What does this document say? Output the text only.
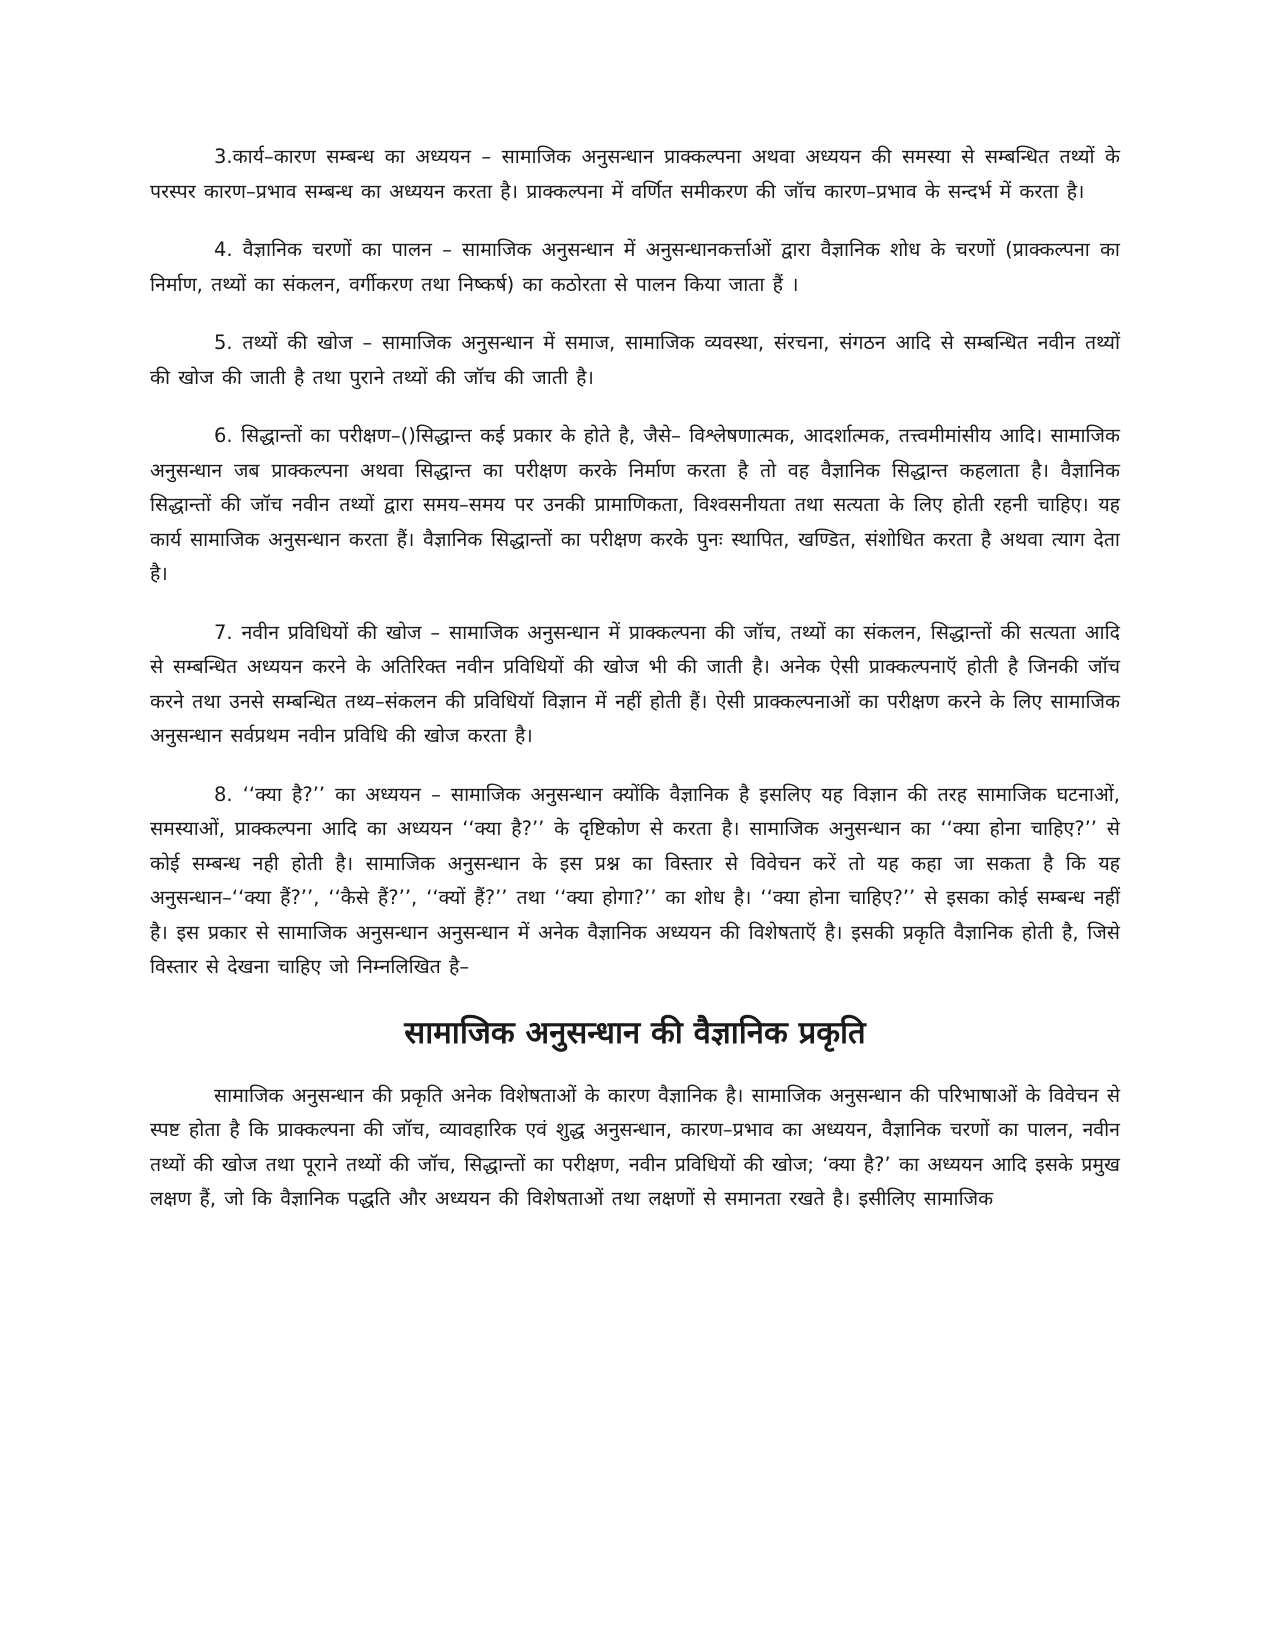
3.कार्य–कारण सम्बन्ध का अध्ययन – सामाजिक अनुसन्धान प्राक्कल्पना अथवा अध्ययन की समस्या से सम्बन्धित तथ्यों के परस्पर कारण–प्रभाव सम्बन्ध का अध्ययन करता है। प्राक्कल्पना में वर्णित समीकरण की जॉच कारण–प्रभाव के सन्दर्भ में करता है।

4. वैज्ञानिक चरणों का पालन – सामाजिक अनुसन्धान में अनुसन्धानकर्त्ताओं द्वारा वैज्ञानिक शोध के चरणों (प्राक्कल्पना का निर्माण, तथ्यों का संकलन, वर्गीकरण तथा निष्कर्ष) का कठोरता से पालन किया जाता हैं ।

5. तथ्यों की खोज – सामाजिक अनुसन्धान में समाज, सामाजिक व्यवस्था, संरचना, संगठन आदि से सम्बन्धित नवीन तथ्यों की खोज की जाती है तथा पुराने तथ्यों की जॉच की जाती है।

6. सिद्धान्तों का परीक्षण–()सिद्धान्त कई प्रकार के होते है, जैसे– विश्लेषणात्मक, आदर्शात्मक, तत्त्वमीमांसीय आदि। सामाजिक अनुसन्धान जब प्राक्कल्पना अथवा सिद्धान्त का परीक्षण करके निर्माण करता है तो वह वैज्ञानिक सिद्धान्त कहलाता है। वैज्ञानिक सिद्धान्तों की जॉच नवीन तथ्यों द्वारा समय–समय पर उनकी प्रामाणिकता, विश्वसनीयता तथा सत्यता के लिए होती रहनी चाहिए। यह कार्य सामाजिक अनुसन्धान करता हैं। वैज्ञानिक सिद्धान्तों का परीक्षण करके पुनः स्थापित, खण्डित, संशोधित करता है अथवा त्याग देता है।

7. नवीन प्रविधियों की खोज – सामाजिक अनुसन्धान में प्राक्कल्पना की जॉच, तथ्यों का संकलन, सिद्धान्तों की सत्यता आदि से सम्बन्धित अध्ययन करने के अतिरिक्त नवीन प्रविधियों की खोज भी की जाती है। अनेक ऐसी प्राक्कल्पनाऍ होती है जिनकी जॉच करने तथा उनसे सम्बन्धित तथ्य–संकलन की प्रविधियॉ विज्ञान में नहीं होती हैं। ऐसी प्राक्कल्पनाओं का परीक्षण करने के लिए सामाजिक अनुसन्धान सर्वप्रथम नवीन प्रविधि की खोज करता है।

8. ‘‘क्या है?’’ का अध्ययन – सामाजिक अनुसन्धान क्योंकि वैज्ञानिक है इसलिए यह विज्ञान की तरह सामाजिक घटनाओं, समस्याओं, प्राक्कल्पना आदि का अध्ययन ‘‘क्या है?’’ के दृष्टिकोण से करता है। सामाजिक अनुसन्धान का ‘‘क्या होना चाहिए?’’ से कोई सम्बन्ध नही होती है। सामाजिक अनुसन्धान के इस प्रश्न का विस्तार से विवेचन करें तो यह कहा जा सकता है कि यह अनुसन्धान–‘‘क्या हैं?’’, ‘‘कैसे हैं?’’, ‘‘क्यों हैं?’’ तथा ‘‘क्या होगा?’’ का शोध है। ‘‘क्या होना चाहिए?’’ से इसका कोई सम्बन्ध नहीं है। इस प्रकार से सामाजिक अनुसन्धान अनुसन्धान में अनेक वैज्ञानिक अध्ययन की विशेषताऍ है। इसकी प्रकृति वैज्ञानिक होती है, जिसे विस्तार से देखना चाहिए जो निम्नलिखित है–

सामाजिक अनुसन्धान की वैज्ञानिक प्रकृति

सामाजिक अनुसन्धान की प्रकृति अनेक विशेषताओं के कारण वैज्ञानिक है। सामाजिक अनुसन्धान की परिभाषाओं के विवेचन से स्पष्ट होता है कि प्राक्कल्पना की जॉच, व्यावहारिक एवं शुद्ध अनुसन्धान, कारण–प्रभाव का अध्ययन, वैज्ञानिक चरणों का पालन, नवीन तथ्यों की खोज तथा पूराने तथ्यों की जॉच, सिद्धान्तों का परीक्षण, नवीन प्रविधियों की खोज; ‘क्या है?’ का अध्ययन आदि इसके प्रमुख लक्षण हैं, जो कि वैज्ञानिक पद्धति और अध्ययन की विशेषताओं तथा लक्षणों से समानता रखते है। इसीलिए सामाजिक
